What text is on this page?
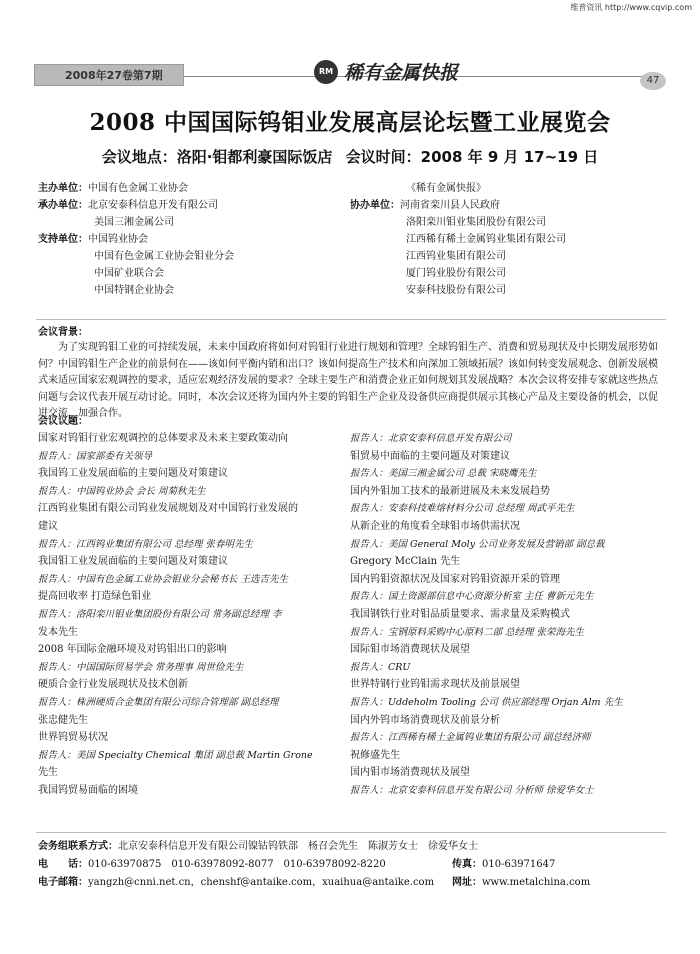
维普资讯 http://www.cqvip.com
2008年27卷第7期	RM 稀有金属快报	47
2008 中国国际钨钼业发展高层论坛暨工业展览会
会议地点：洛阳·钼都利豪国际饭店 会议时间：2008 年 9 月 17~19 日
主办单位：中国有色金属工业协会
承办单位：北京安泰科信息开发有限公司
美国三湘金属公司
支持单位：中国钨业协会
中国有色金属工业协会钼业分会
中国矿业联合会
中国特钢企业协会
《稀有金属快报》
协办单位：河南省栾川县人民政府
洛阳栾川钼业集团股份有限公司
江西稀有稀土金属钨业集团有限公司
江西钨业集团有限公司
厦门钨业股份有限公司
安泰科技股份有限公司
会议背景：
为了实现钨钼工业的可持续发展，未来中国政府将如何对钨钼行业进行规划和管理？全球钨钼生产、消费和贸易现状及中长期发展形势如何？中国钨钼生产企业的前景何在——该如何平衡内销和出口？该如何提高生产技术和向深加工领域拓展？该如何转变发展观念、创新发展模式来适应国家宏观调控的要求，适应宏观经济发展的要求？全球主要生产和消费企业正如何规划其发展战略？本次会议将安排专家就这些热点问题与会议代表开展互动讨论。同时，本次会议还将为国内外主要的钨钼生产企业及设备供应商提供展示其核心产品及主要设备的机会，以促进交流，加强合作。
会议议题：
国家对钨钼行业宏观调控的总体要求及未来主要政策动向
报告人：国家部委有关领导
我国钨工业发展面临的主要问题及对策建议
报告人：中国钨业协会 会长 周菊秋先生
江西钨业集团有限公司钨业发展规划及对中国钨行业发展的
建议
报告人：江西钨业集团有限公司 总经理 张春明先生
我国钼工业发展面临的主要问题及对策建议
报告人：中国有色金属工业协会钼业分会秘书长 王选吉先生
提高回收率 打造绿色钼业
报告人：洛阳栾川钼业集团股份有限公司 常务副总经理 李
发本先生
2008 年国际金融环境及对钨钼出口的影响
报告人：中国国际贸易学会 常务理事 周世俭先生
硬质合金行业发展现状及技术创新
报告人：株洲硬质合金集团有限公司综合管理部 副总经理
张忠健先生
世界钨贸易状况
报告人：美国 Specialty Chemical 集团 副总裁 Martin Grone
先生
我国钨贸易面临的困境
报告人：北京安泰科信息开发有限公司
钼贸易中面临的主要问题及对策建议
报告人：美国三湘金属公司 总裁 宋晓鹰先生
国内外钼加工技术的最新进展及未来发展趋势
报告人：安泰科技难熔材料分公司 总经理 周武平先生
从新企业的角度看全球钼市场供需状况
报告人：美国 General Moly 公司业务发展及营销部 副总裁
Gregory McClain 先生
国内钨钼资源状况及国家对钨钼资源开采的管理
报告人：国土资源部信息中心资源分析室 主任 曹新元先生
我国钢铁行业对钼品质量要求、需求量及采购模式
报告人：宝钢原料采购中心原料二部 总经理 张荣海先生
国际钼市场消费现状及展望
报告人：CRU
世界特钢行业钨钼需求现状及前景展望
报告人：Uddeholm Tooling 公司 供应部经理 Orjan Alm 先生
国内外钨市场消费现状及前景分析
报告人：江西稀有稀土金属钨业集团有限公司 副总经济师
祝修盛先生
国内钼市场消费现状及展望
报告人：北京安泰科信息开发有限公司 分析师 徐爱华女士
会务组联系方式：北京安泰科信息开发有限公司镍钴钨铁部　杨召会先生　陈淑芳女士　徐爱华女士
电　　话：010-63970875　010-63978092-8077　010-63978092-8220	传真：010-63971647
电子邮箱：yangzh@cnni.net.cn，chenshf@antaike.com，xuaihua@antaike.com 网址：www.metalchina.com
